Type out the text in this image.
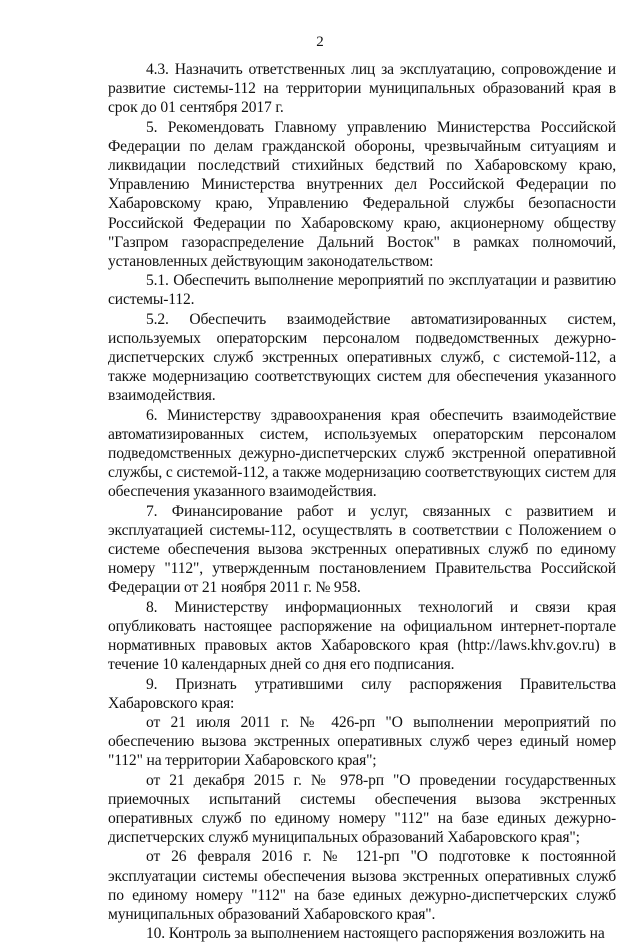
2

4.3. Назначить ответственных лиц за эксплуатацию, сопровождение и развитие системы-112 на территории муниципальных образований края в срок до 01 сентября 2017 г.

5. Рекомендовать Главному управлению Министерства Российской Федерации по делам гражданской обороны, чрезвычайным ситуациям и ликвидации последствий стихийных бедствий по Хабаровскому краю, Управлению Министерства внутренних дел Российской Федерации по Хабаровскому краю, Управлению Федеральной службы безопасности Российской Федерации по Хабаровскому краю, акционерному обществу "Газпром газораспределение Дальний Восток" в рамках полномочий, установленных действующим законодательством:

5.1. Обеспечить выполнение мероприятий по эксплуатации и развитию системы-112.

5.2. Обеспечить взаимодействие автоматизированных систем, используемых операторским персоналом подведомственных дежурно-диспетчерских служб экстренных оперативных служб, с системой-112, а также модернизацию соответствующих систем для обеспечения указанного взаимодействия.

6. Министерству здравоохранения края обеспечить взаимодействие автоматизированных систем, используемых операторским персоналом подведомственных дежурно-диспетчерских служб экстренной оперативной службы, с системой-112, а также модернизацию соответствующих систем для обеспечения указанного взаимодействия.

7. Финансирование работ и услуг, связанных с развитием и эксплуатацией системы-112, осуществлять в соответствии с Положением о системе обеспечения вызова экстренных оперативных служб по единому номеру "112", утвержденным постановлением Правительства Российской Федерации от 21 ноября 2011 г. № 958.

8. Министерству информационных технологий и связи края опубликовать настоящее распоряжение на официальном интернет-портале нормативных правовых актов Хабаровского края (http://laws.khv.gov.ru) в течение 10 календарных дней со дня его подписания.

9. Признать утратившими силу распоряжения Правительства Хабаровского края:

от 21 июля 2011 г. № 426-рп "О выполнении мероприятий по обеспечению вызова экстренных оперативных служб через единый номер "112" на территории Хабаровского края";

от 21 декабря 2015 г. № 978-рп "О проведении государственных приемочных испытаний системы обеспечения вызова экстренных оперативных служб по единому номеру "112" на базе единых дежурно-диспетчерских служб муниципальных образований Хабаровского края";

от 26 февраля 2016 г. № 121-рп "О подготовке к постоянной эксплуатации системы обеспечения вызова экстренных оперативных служб по единому номеру "112" на базе единых дежурно-диспетчерских служб муниципальных образований Хабаровского края".

10. Контроль за выполнением настоящего распоряжения возложить на
